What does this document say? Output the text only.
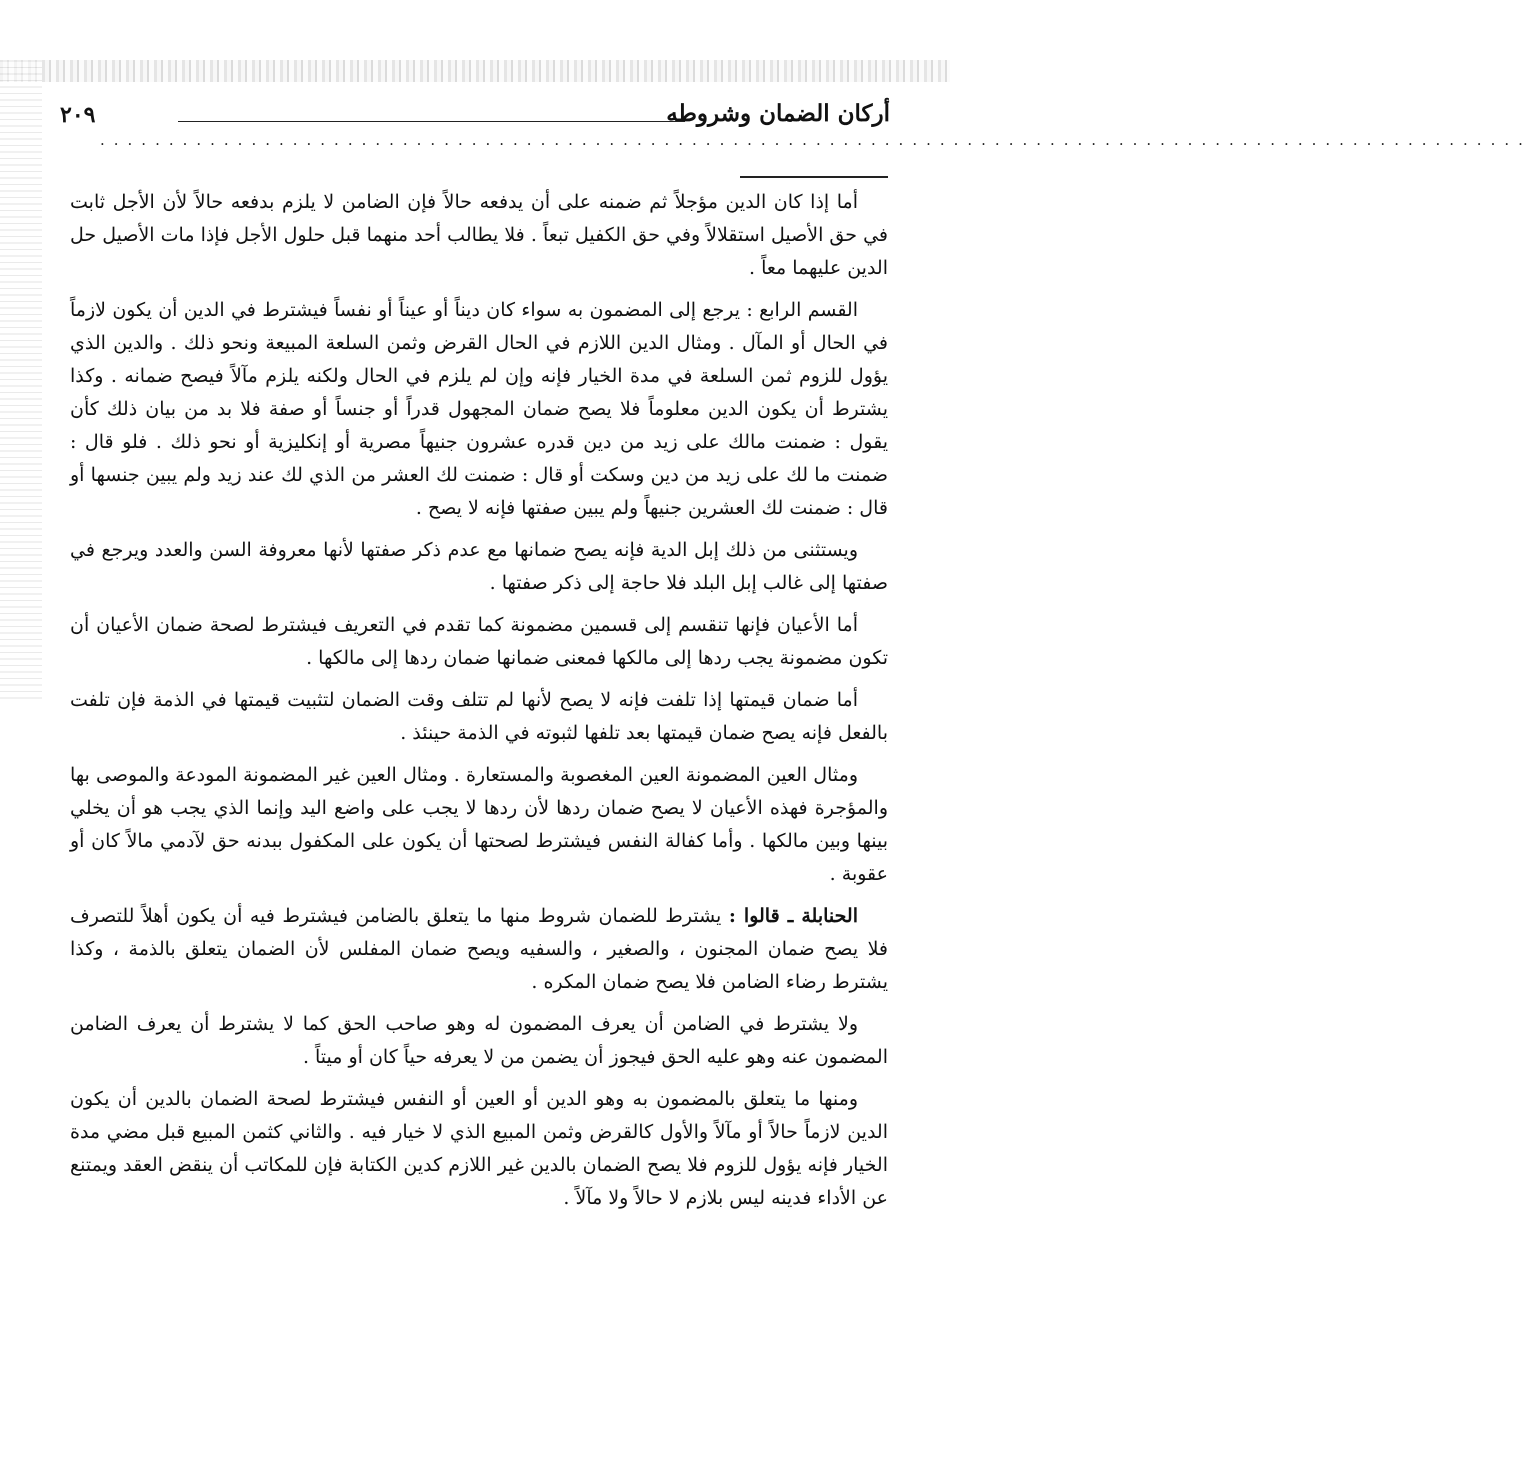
أركان الضمان وشروطه
٢٠٩
········································································································

أما إذا كان الدين مؤجلاً ثم ضمنه على أن يدفعه حالاً فإن الضامن لا يلزم بدفعه حالاً لأن الأجل ثابت في حق الأصيل استقلالاً وفي حق الكفيل تبعاً . فلا يطالب أحد منهما قبل حلول الأجل فإذا مات الأصيل حل الدين عليهما معاً .

القسم الرابع : يرجع إلى المضمون به سواء كان ديناً أو عيناً أو نفساً فيشترط في الدين أن يكون لازماً في الحال أو المآل . ومثال الدين اللازم في الحال القرض وثمن السلعة المبيعة ونحو ذلك . والدين الذي يؤول للزوم ثمن السلعة في مدة الخيار فإنه وإن لم يلزم في الحال ولكنه يلزم مآلاً فيصح ضمانه . وكذا يشترط أن يكون الدين معلوماً فلا يصح ضمان المجهول قدراً أو جنساً أو صفة فلا بد من بيان ذلك كأن يقول : ضمنت مالك على زيد من دين قدره عشرون جنيهاً مصرية أو إنكليزية أو نحو ذلك . فلو قال : ضمنت ما لك على زيد من دين وسكت أو قال : ضمنت لك العشر من الذي لك عند زيد ولم يبين جنسها أو قال : ضمنت لك العشرين جنيهاً ولم يبين صفتها فإنه لا يصح .

ويستثنى من ذلك إبل الدية فإنه يصح ضمانها مع عدم ذكر صفتها لأنها معروفة السن والعدد ويرجع في صفتها إلى غالب إبل البلد فلا حاجة إلى ذكر صفتها .

أما الأعيان فإنها تنقسم إلى قسمين مضمونة كما تقدم في التعريف فيشترط لصحة ضمان الأعيان أن تكون مضمونة يجب ردها إلى مالكها فمعنى ضمانها ضمان ردها إلى مالكها .

أما ضمان قيمتها إذا تلفت فإنه لا يصح لأنها لم تتلف وقت الضمان لتثبيت قيمتها في الذمة فإن تلفت بالفعل فإنه يصح ضمان قيمتها بعد تلفها لثبوته في الذمة حينئذ .

ومثال العين المضمونة العين المغصوبة والمستعارة . ومثال العين غير المضمونة المودعة والموصى بها والمؤجرة فهذه الأعيان لا يصح ضمان ردها لأن ردها لا يجب على واضع اليد وإنما الذي يجب هو أن يخلي بينها وبين مالكها . وأما كفالة النفس فيشترط لصحتها أن يكون على المكفول ببدنه حق لآدمي مالاً كان أو عقوبة .

الحنابلة ـ قالوا : يشترط للضمان شروط منها ما يتعلق بالضامن فيشترط فيه أن يكون أهلاً للتصرف فلا يصح ضمان المجنون ، والصغير ، والسفيه ويصح ضمان المفلس لأن الضمان يتعلق بالذمة ، وكذا يشترط رضاء الضامن فلا يصح ضمان المكره .

ولا يشترط في الضامن أن يعرف المضمون له وهو صاحب الحق كما لا يشترط أن يعرف الضامن المضمون عنه وهو عليه الحق فيجوز أن يضمن من لا يعرفه حياً كان أو ميتاً .

ومنها ما يتعلق بالمضمون به وهو الدين أو العين أو النفس فيشترط لصحة الضمان بالدين أن يكون الدين لازماً حالاً أو مآلاً والأول كالقرض وثمن المبيع الذي لا خيار فيه . والثاني كثمن المبيع قبل مضي مدة الخيار فإنه يؤول للزوم فلا يصح الضمان بالدين غير اللازم كدين الكتابة فإن للمكاتب أن ينقض العقد ويمتنع عن الأداء فدينه ليس بلازم لا حالاً ولا مآلاً .
